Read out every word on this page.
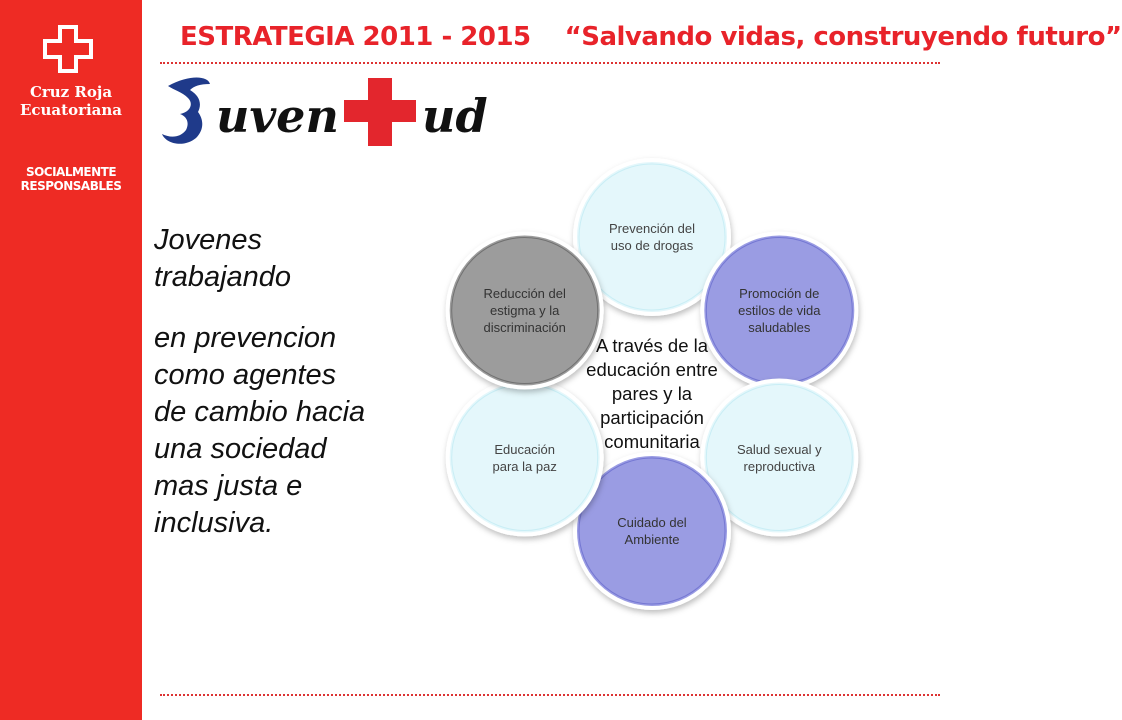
Cruz Roja
Ecuatoriana
SOCIALMENTE
RESPONSABLES
ESTRATEGIA 2011 - 2015 “Salvando vidas, construyendo futuro”
uven ud
Jovenes
trabajando
en prevencion
como agentes
de cambio hacia
una sociedad
mas justa e
inclusiva.
A través de la
educación entre
pares y la
participación
comunitaria
Prevención del
uso de drogas
Promoción de
estilos de vida
saludables
Salud sexual y
reproductiva
Cuidado del
Ambiente
Educación
para la paz
Reducción del
estigma y la
discriminación
